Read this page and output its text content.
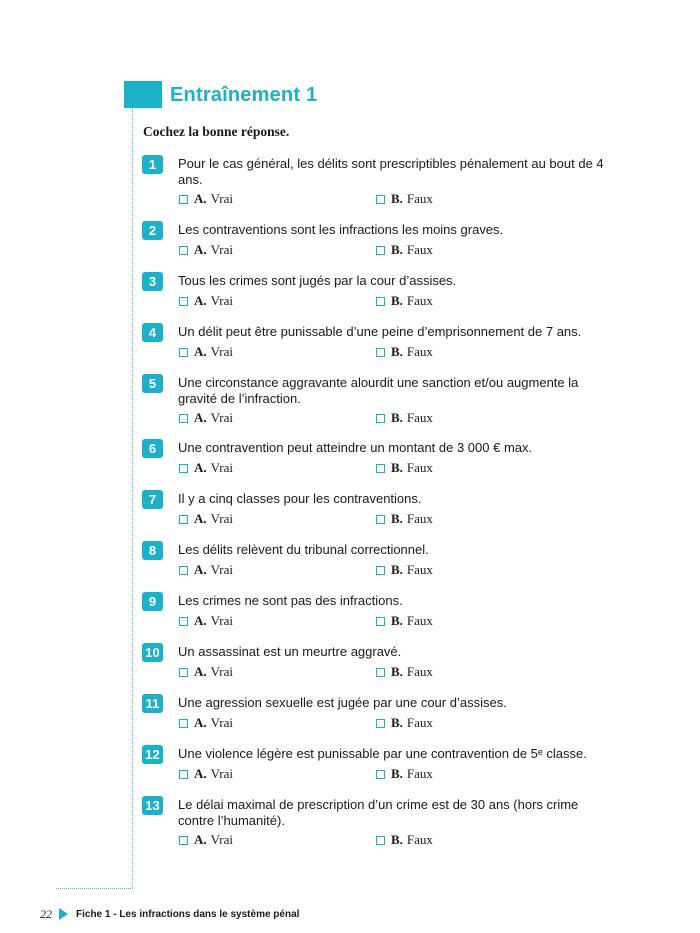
Entraînement 1
Cochez la bonne réponse.
1	Pour le cas général, les délits sont prescriptibles pénalement au bout de 4 ans.
A. Vrai	B. Faux
2	Les contraventions sont les infractions les moins graves.
A. Vrai	B. Faux
3	Tous les crimes sont jugés par la cour d’assises.
A. Vrai	B. Faux
4	Un délit peut être punissable d’une peine d’emprisonnement de 7 ans.
A. Vrai	B. Faux
5	Une circonstance aggravante alourdit une sanction et/ou augmente la gravité de l’infraction.
A. Vrai	B. Faux
6	Une contravention peut atteindre un montant de 3 000 € max.
A. Vrai	B. Faux
7	Il y a cinq classes pour les contraventions.
A. Vrai	B. Faux
8	Les délits relèvent du tribunal correctionnel.
A. Vrai	B. Faux
9	Les crimes ne sont pas des infractions.
A. Vrai	B. Faux
10 Un assassinat est un meurtre aggravé.
A. Vrai	B. Faux
11 Une agression sexuelle est jugée par une cour d’assises.
A. Vrai	B. Faux
12 Une violence légère est punissable par une contravention de 5ᵉ classe.
A. Vrai	B. Faux
13 Le délai maximal de prescription d’un crime est de 30 ans (hors crime contre l’humanité).
A. Vrai	B. Faux
22 Fiche 1 - Les infractions dans le système pénal
